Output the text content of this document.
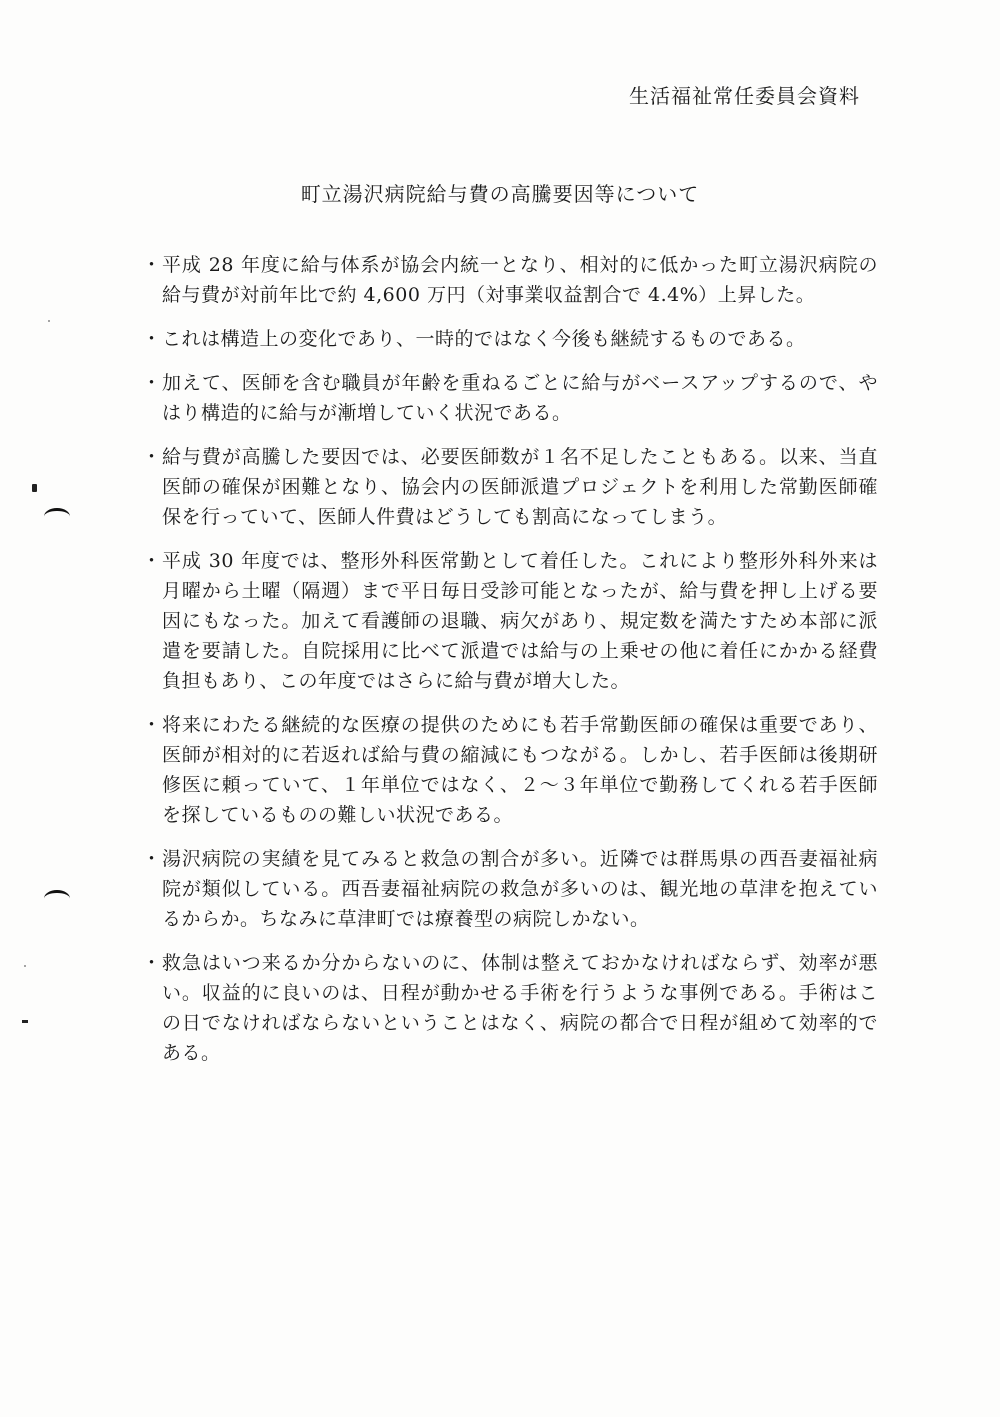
生活福祉常任委員会資料
町立湯沢病院給与費の高騰要因等について
・ 平成 28 年度に給与体系が協会内統一となり、相対的に低かった町立湯沢病院の給与費が対前年比で約 4,600 万円（対事業収益割合で 4.4%）上昇した。
・ これは構造上の変化であり、一時的ではなく今後も継続するものである。
・ 加えて、医師を含む職員が年齢を重ねるごとに給与がベースアップするので、やはり構造的に給与が漸増していく状況である。
・ 給与費が高騰した要因では、必要医師数が１名不足したこともある。以来、当直医師の確保が困難となり、協会内の医師派遣プロジェクトを利用した常勤医師確保を行っていて、医師人件費はどうしても割高になってしまう。
・ 平成 30 年度では、整形外科医常勤として着任した。これにより整形外科外来は月曜から土曜（隔週）まで平日毎日受診可能となったが、給与費を押し上げる要因にもなった。加えて看護師の退職、病欠があり、規定数を満たすため本部に派遣を要請した。自院採用に比べて派遣では給与の上乗せの他に着任にかかる経費負担もあり、この年度ではさらに給与費が増大した。
・ 将来にわたる継続的な医療の提供のためにも若手常勤医師の確保は重要であり、医師が相対的に若返れば給与費の縮減にもつながる。しかし、若手医師は後期研修医に頼っていて、１年単位ではなく、２～３年単位で勤務してくれる若手医師を探しているものの難しい状況である。
・ 湯沢病院の実績を見てみると救急の割合が多い。近隣では群馬県の西吾妻福祉病院が類似している。西吾妻福祉病院の救急が多いのは、観光地の草津を抱えているからか。ちなみに草津町では療養型の病院しかない。
・ 救急はいつ来るか分からないのに、体制は整えておかなければならず、効率が悪い。収益的に良いのは、日程が動かせる手術を行うような事例である。手術はこの日でなければならないということはなく、病院の都合で日程が組めて効率的である。
